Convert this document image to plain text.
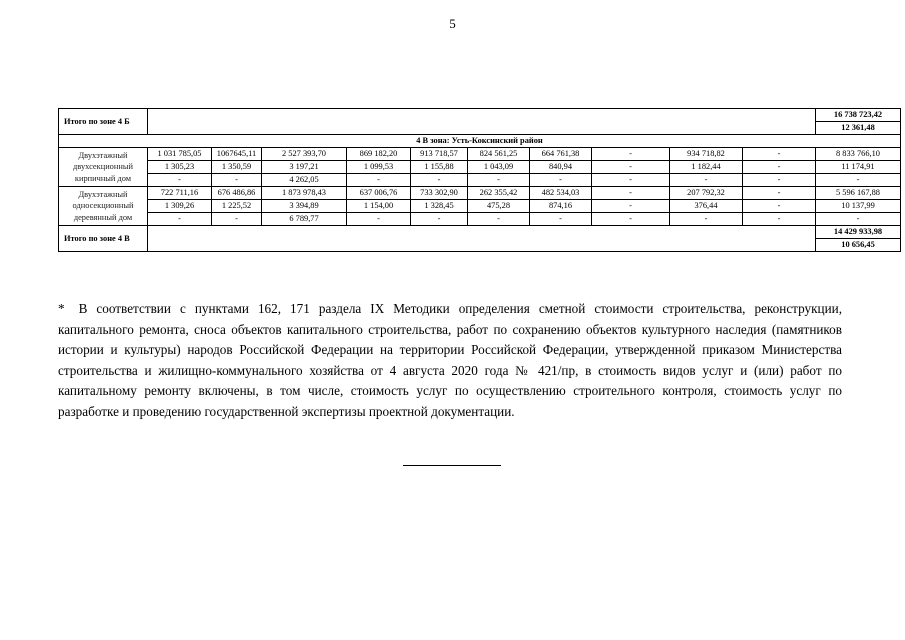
5
Итого по зоне 4 Б											16 738 723,42
											12 361,48
4 В зона: Усть-Коксинский район											

Двухэтажный
двухсекционный
кирпичный дом	1 031 785,05	1067645,11	2 527 393,70	869 182,20	913 718,57	824 561,25	664 761,38	-	934 718,82	-	8 833 766,10
	1 305,23	1 350,59	3 197,21	1 099,53	1 155,88	1 043,09	840,94	-	1 182,44	-	11 174,91
	-	-	4 262,05	-	-	-	-	-	-	-	-

Двухэтажный
односекционный
деревянный дом	722 711,16	676 486,86	1 873 978,43	637 006,76	733 302,90	262 355,42	482 534,03	-	207 792,32	-	5 596 167,88
	1 309,26	1 225,52	3 394,89	1 154,00	1 328,45	475,28	874,16	-	376,44	-	10 137,99
	-	-	6 789,77	-	-	-	-	-	-	-	-
Итого по зоне 4 В											14 429 933,98
											10 656,45
* В соответствии с пунктами 162, 171 раздела IX Методики определения сметной стоимости строительства, реконструкции, капитального ремонта, сноса объектов капитального строительства, работ по сохранению объектов культурного наследия (памятников истории и культуры) народов Российской Федерации на территории Российской Федерации, утвержденной приказом Министерства строительства и жилищно-коммунального хозяйства от 4 августа 2020 года № 421/пр, в стоимость видов услуг и (или) работ по капитальному ремонту включены, в том числе, стоимость услуг по осуществлению строительного контроля, стоимость услуг по разработке и проведению государственной экспертизы проектной документации.
